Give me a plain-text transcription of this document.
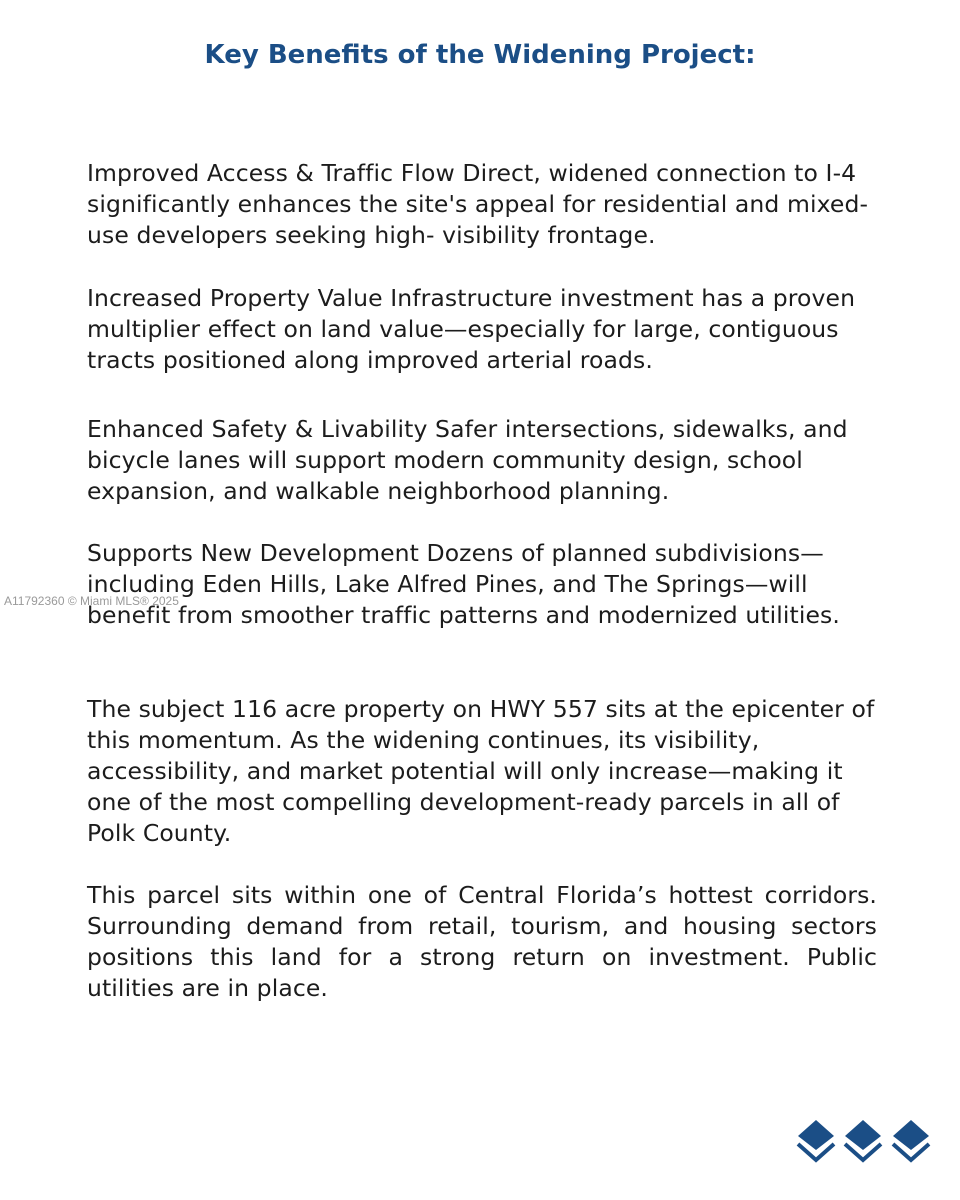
Key Benefits of the Widening Project:

Improved Access & Traffic Flow Direct, widened connection to I-4 significantly enhances the site's appeal for residential and mixed-use developers seeking high- visibility frontage.

Increased Property Value Infrastructure investment has a proven multiplier effect on land value—especially for large, contiguous tracts positioned along improved arterial roads.

Enhanced Safety & Livability Safer intersections, sidewalks, and bicycle lanes will support modern community design, school expansion, and walkable neighborhood planning.

Supports New Development Dozens of planned subdivisions—including Eden Hills, Lake Alfred Pines, and The Springs—will benefit from smoother traffic patterns and modernized utilities.

The subject 116 acre property on HWY 557 sits at the epicenter of this momentum. As the widening continues, its visibility, accessibility, and market potential will only increase—making it one of the most compelling development-ready parcels in all of Polk County.

This parcel sits within one of Central Florida’s hottest corridors. Surrounding demand from retail, tourism, and housing sectors positions this land for a strong return on investment. Public utilities are in place.

A11792360 © Miami MLS® 2025
